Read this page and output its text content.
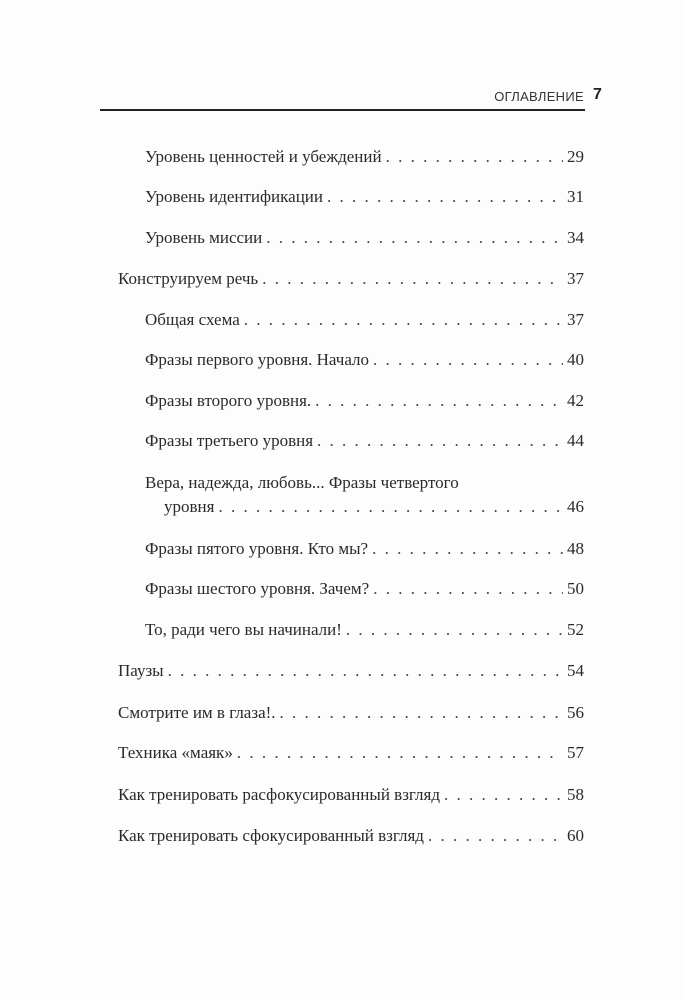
ОГЛАВЛЕНИЕ 7
Уровень ценностей и убеждений . . .	29
Уровень идентификации . . .	31
Уровень миссии . . .	34
Конструируем речь . . .	37
Общая схема . . .	37
Фразы первого уровня. Начало . . .	40
Фразы второго уровня. . . .	42
Фразы третьего уровня . . .	44
Вера, надежда, любовь... Фразы четвертого
уровня . . .	46
Фразы пятого уровня. Кто мы? . . .	48
Фразы шестого уровня. Зачем? . . .	50
То, ради чего вы начинали! . . .	52
Паузы . . .	54
Смотрите им в глаза!. . . .	56
Техника «маяк» . . .	57
Как тренировать расфокусированный взгляд . . .	58
Как тренировать сфокусированный взгляд . . .	60
